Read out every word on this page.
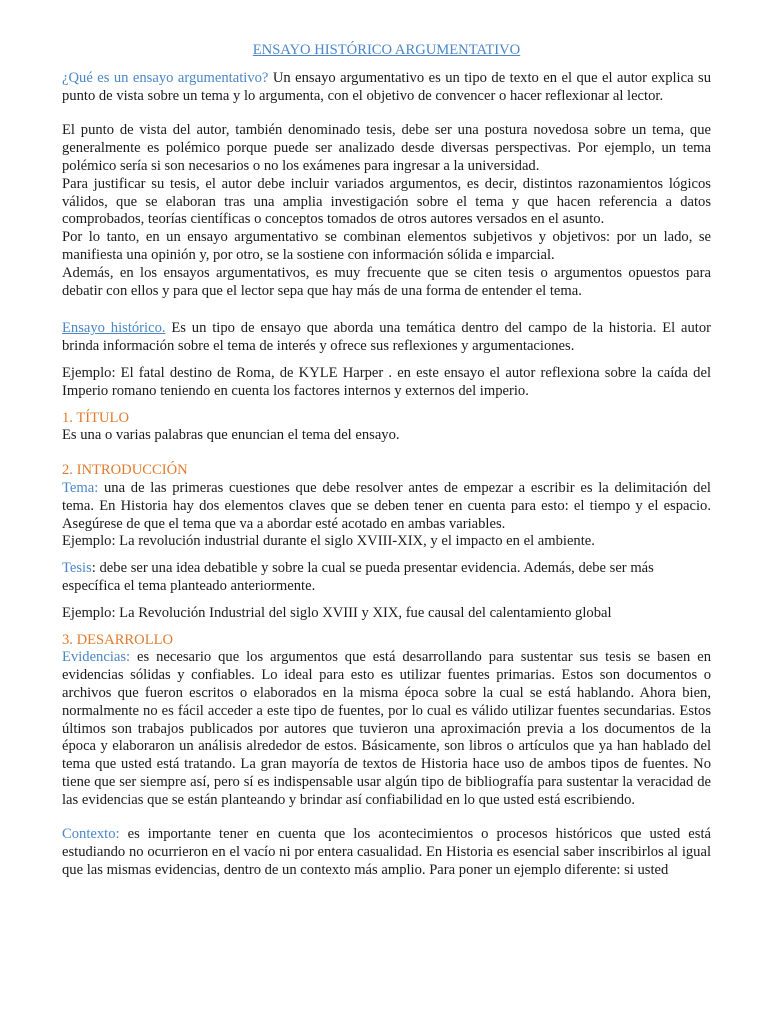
ENSAYO HISTÓRICO ARGUMENTATIVO

¿Qué es un ensayo argumentativo? Un ensayo argumentativo es un tipo de texto en el que el autor explica su punto de vista sobre un tema y lo argumenta, con el objetivo de convencer o hacer reflexionar al lector.

El punto de vista del autor, también denominado tesis, debe ser una postura novedosa sobre un tema, que generalmente es polémico porque puede ser analizado desde diversas perspectivas. Por ejemplo, un tema polémico sería si son necesarios o no los exámenes para ingresar a la universidad.

Para justificar su tesis, el autor debe incluir variados argumentos, es decir, distintos razonamientos lógicos válidos, que se elaboran tras una amplia investigación sobre el tema y que hacen referencia a datos comprobados, teorías científicas o conceptos tomados de otros autores versados en el asunto.

Por lo tanto, en un ensayo argumentativo se combinan elementos subjetivos y objetivos: por un lado, se manifiesta una opinión y, por otro, se la sostiene con información sólida e imparcial.

Además, en los ensayos argumentativos, es muy frecuente que se citen tesis o argumentos opuestos para debatir con ellos y para que el lector sepa que hay más de una forma de entender el tema.

Ensayo histórico. Es un tipo de ensayo que aborda una temática dentro del campo de la historia. El autor brinda información sobre el tema de interés y ofrece sus reflexiones y argumentaciones.

Ejemplo: El fatal destino de Roma, de KYLE Harper . en este ensayo el autor reflexiona sobre la caída del Imperio romano teniendo en cuenta los factores internos y externos del imperio.

1. TÍTULO

Es una o varias palabras que enuncian el tema del ensayo.

2. INTRODUCCIÓN

Tema: una de las primeras cuestiones que debe resolver antes de empezar a escribir es la delimitación del tema. En Historia hay dos elementos claves que se deben tener en cuenta para esto: el tiempo y el espacio. Asegúrese de que el tema que va a abordar esté acotado en ambas variables.

Ejemplo: La revolución industrial durante el siglo XVIII-XIX, y el impacto en el ambiente.

Tesis: debe ser una idea debatible y sobre la cual se pueda presentar evidencia. Además, debe ser más específica el tema planteado anteriormente.

Ejemplo: La Revolución Industrial del siglo XVIII y XIX, fue causal del calentamiento global

3. DESARROLLO

Evidencias: es necesario que los argumentos que está desarrollando para sustentar sus tesis se basen en evidencias sólidas y confiables. Lo ideal para esto es utilizar fuentes primarias. Estos son documentos o archivos que fueron escritos o elaborados en la misma época sobre la cual se está hablando. Ahora bien, normalmente no es fácil acceder a este tipo de fuentes, por lo cual es válido utilizar fuentes secundarias. Estos últimos son trabajos publicados por autores que tuvieron una aproximación previa a los documentos de la época y elaboraron un análisis alrededor de estos. Básicamente, son libros o artículos que ya han hablado del tema que usted está tratando. La gran mayoría de textos de Historia hace uso de ambos tipos de fuentes. No tiene que ser siempre así, pero sí es indispensable usar algún tipo de bibliografía para sustentar la veracidad de las evidencias que se están planteando y brindar así confiabilidad en lo que usted está escribiendo.

Contexto: es importante tener en cuenta que los acontecimientos o procesos históricos que usted está estudiando no ocurrieron en el vacío ni por entera casualidad. En Historia es esencial saber inscribirlos al igual que las mismas evidencias, dentro de un contexto más amplio. Para poner un ejemplo diferente: si usted
